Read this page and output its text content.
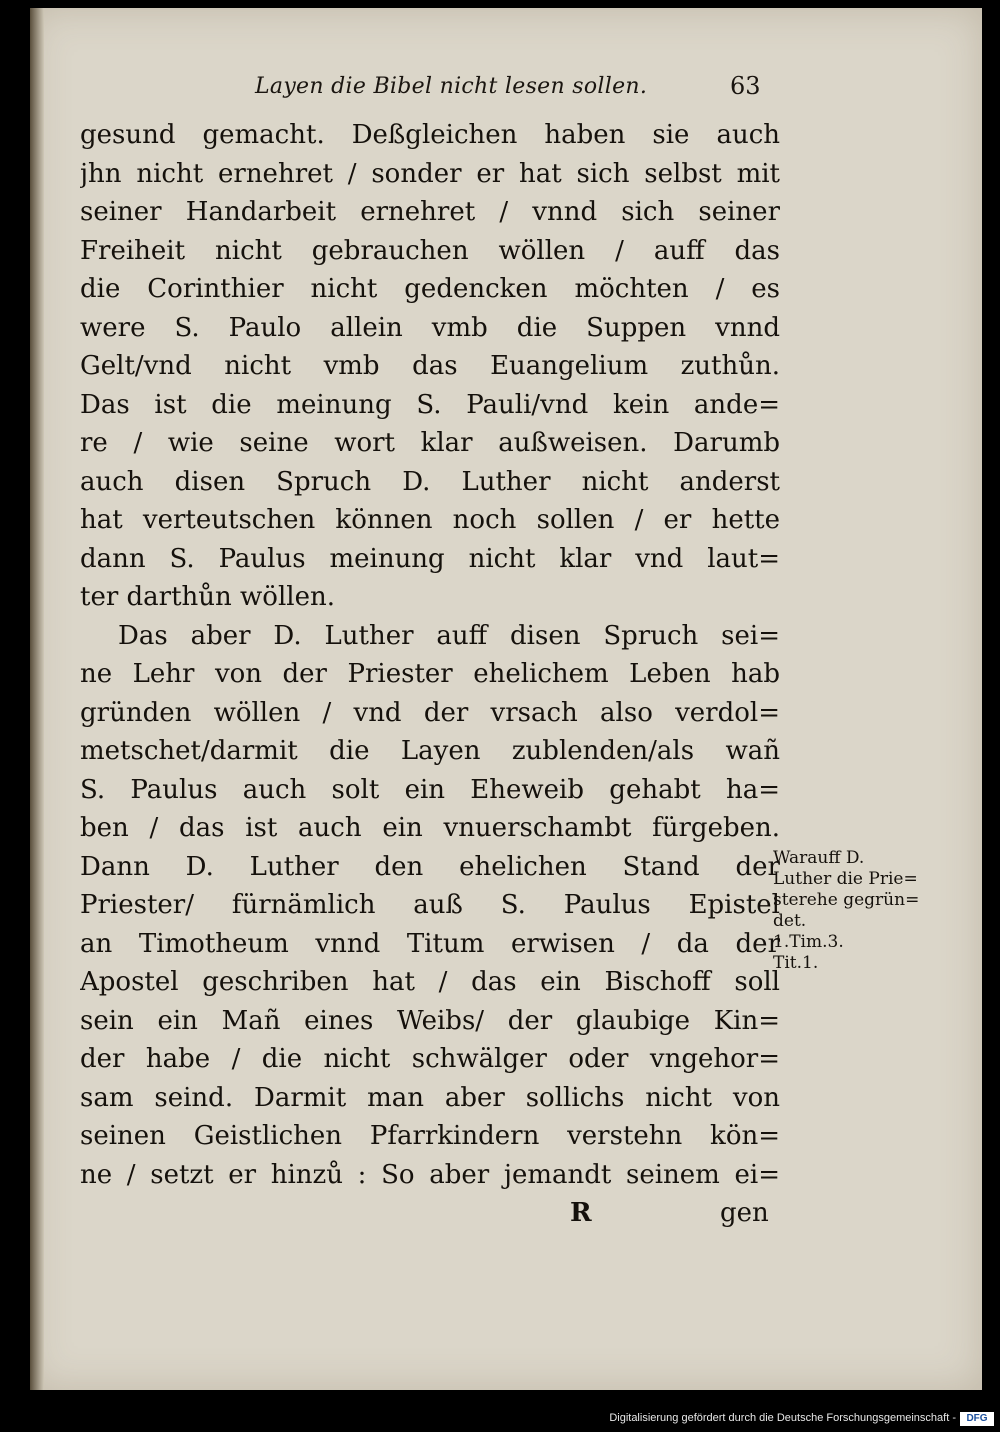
Layen die Bibel nicht lesen sollen.	63
gesund gemacht. Deßgleichen haben sie auch
jhn nicht ernehret / sonder er hat sich selbst mit
seiner Handarbeit ernehret / vnnd sich seiner
Freiheit nicht gebrauchen wöllen / auff das
die Corinthier nicht gedencken möchten / es
were S. Paulo allein vmb die Suppen vnnd
Gelt/vnd nicht vmb das Euangelium zuthůn.
Das ist die meinung S. Pauli/vnd kein ande=
re / wie seine wort klar außweisen. Darumb
auch disen Spruch D. Luther nicht anderst
hat verteutschen können noch sollen / er hette
dann S. Paulus meinung nicht klar vnd laut=
ter darthůn wöllen.
Das aber D. Luther auff disen Spruch sei=
ne Lehr von der Priester ehelichem Leben hab
gründen wöllen / vnd der vrsach also verdol=
metschet/darmit die Layen zublenden/als wañ
S. Paulus auch solt ein Eheweib gehabt ha=
ben / das ist auch ein vnuerschambt fürgeben.
Dann D. Luther den ehelichen Stand der
Priester/ fürnämlich auß S. Paulus Epistel
an Timotheum vnnd Titum erwisen / da der
Apostel geschriben hat / das ein Bischoff soll
sein ein Mañ eines Weibs/ der glaubige Kin=
der habe / die nicht schwälger oder vngehor=
sam seind. Darmit man aber sollichs nicht von
seinen Geistlichen Pfarrkindern verstehn kön=
ne / setzt er hinzů : So aber jemandt seinem ei=
Warauff D.
Luther die Prie=
sterehe gegrün=
det.
1.Tim.3.
Tit.1.
R	gen
Digitalisierung gefördert durch die Deutsche Forschungsgemeinschaft -	DFG
